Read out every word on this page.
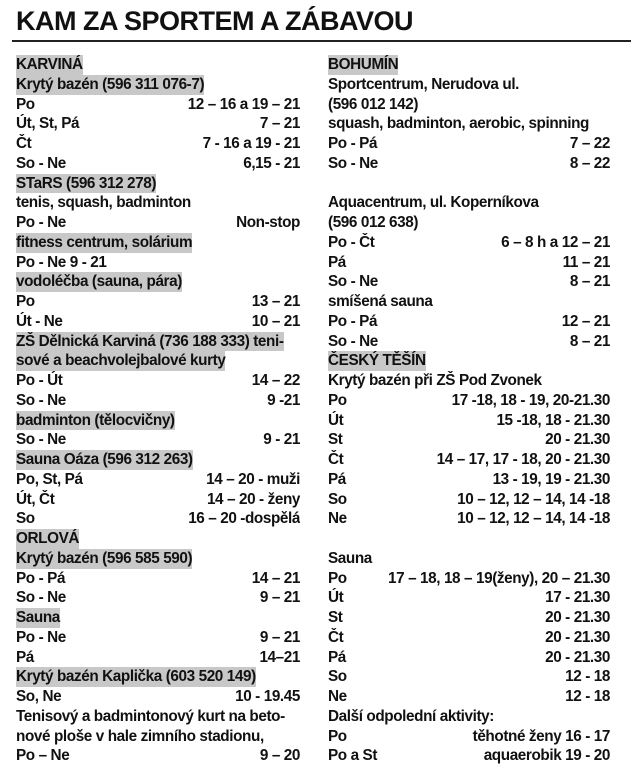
KAM ZA SPORTEM A ZÁBAVOU
KARVINÁ
Krytý bazén (596 311 076-7)
Po	12 – 16 a 19 – 21
Út, St, Pá	7 – 21
Čt	7 - 16 a 19 - 21
So - Ne	6,15 - 21
STaRS (596 312 278)
tenis, squash, badminton
Po - Ne	Non-stop
fitness centrum, solárium
Po - Ne 9 - 21
vodoléčba (sauna, pára)
Po	13 – 21
Út - Ne	10 – 21
ZŠ Dělnická Karviná (736 188 333) teni-
sové a beachvolejbalové kurty
Po - Út	14 – 22
So - Ne	9 -21
badminton (tělocvičny)
So - Ne	9 - 21
Sauna Oáza (596 312 263)
Po, St, Pá	14 – 20 - muži
Út, Čt	14 – 20 - ženy
So	16 – 20 -dospělá
ORLOVÁ
Krytý bazén (596 585 590)
Po - Pá	14 – 21
So - Ne	9 – 21
Sauna
Po - Ne	9 – 21
Pá	14–21
Krytý bazén Kaplička (603 520 149)
So, Ne	10 - 19.45
Tenisový a badmintonový kurt na beto-
nové ploše v hale zimního stadionu,
Po – Ne	9 – 20
BOHUMÍN
Sportcentrum, Nerudova ul.
(596 012 142)
squash, badminton, aerobic, spinning
Po - Pá	7 – 22
So - Ne	8 – 22
Aquacentrum, ul. Koperníkova
(596 012 638)
Po - Čt	6 – 8 h a 12 – 21
Pá	11 – 21
So - Ne	8 – 21
smíšená sauna
Po - Pá	12 – 21
So - Ne	8 – 21
ČESKÝ TĚŠÍN
Krytý bazén při ZŠ Pod Zvonek
Po	17 -18, 18 - 19, 20-21.30
Út	15 -18, 18 - 21.30
St	20 - 21.30
Čt	14 – 17, 17 - 18, 20 - 21.30
Pá	13 - 19, 19 - 21.30
So	10 – 12, 12 – 14, 14 -18
Ne	10 – 12, 12 – 14, 14 -18
Sauna
Po	17 – 18, 18 – 19(ženy), 20 – 21.30
Út	17 - 21.30
St	20 - 21.30
Čt	20 - 21.30
Pá	20 - 21.30
So	12 - 18
Ne	12 - 18
Další odpolední aktivity:
Po	těhotné ženy 16 - 17
Po a St	aquaerobik 19 - 20
